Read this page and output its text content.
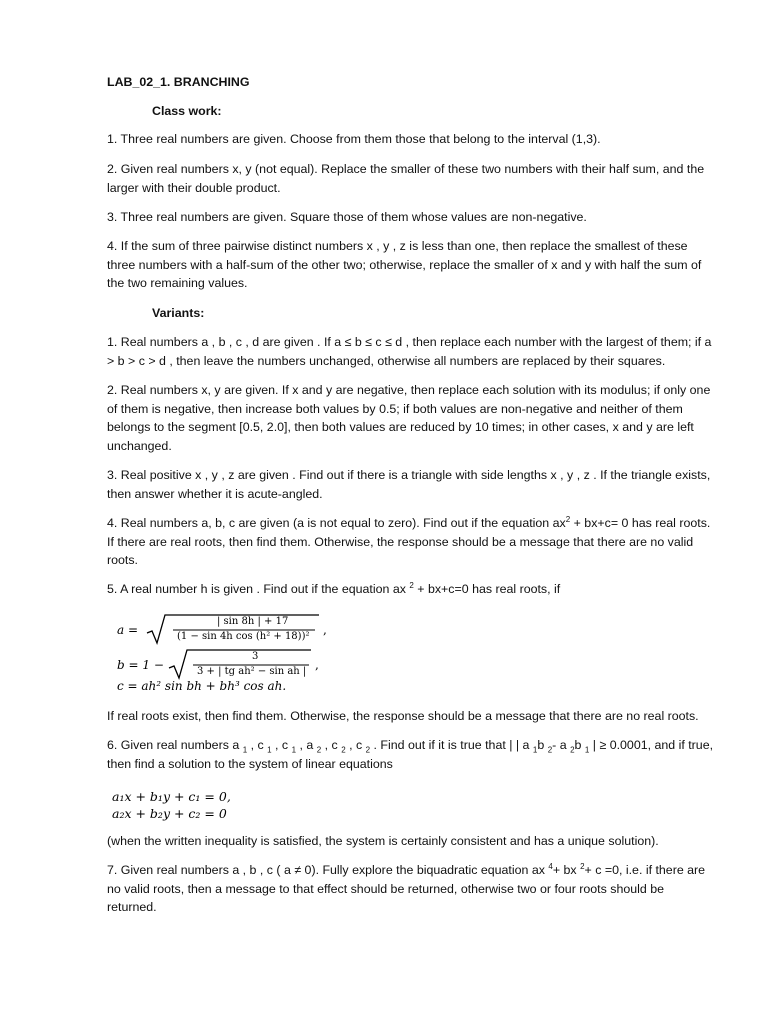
LAB_02_1. BRANCHING

Class work:

1. Three real numbers are given. Choose from them those that belong to the interval (1,3).

2. Given real numbers x, y (not equal). Replace the smaller of these two numbers with their half sum, and the larger with their double product.

3. Three real numbers are given. Square those of them whose values are non-negative.

4. If the sum of three pairwise distinct numbers x , y , z is less than one, then replace the smallest of these three numbers with a half-sum of the other two; otherwise, replace the smaller of x and y with half the sum of the two remaining values.

Variants:

1. Real numbers a , b , c , d are given . If a ≤ b ≤ c ≤ d , then replace each number with the largest of them; if a > b > c > d , then leave the numbers unchanged, otherwise all numbers are replaced by their squares.

2. Real numbers x, y are given. If x and y are negative, then replace each solution with its modulus; if only one of them is negative, then increase both values by 0.5; if both values are non-negative and neither of them belongs to the segment [0.5, 2.0], then both values are reduced by 10 times; in other cases, x and y are left unchanged.

3. Real positive x , y , z are given . Find out if there is a triangle with side lengths x , y , z . If the triangle exists, then answer whether it is acute-angled.

4. Real numbers a, b, c are given (a is not equal to zero). Find out if the equation $ax^2 + bx+c= 0$ has real roots. If there are real roots, then find them. Otherwise, the response should be a message that there are no valid roots.

5. A real number h is given . Find out if the equation ax $^2$ + bx+c=0 has real roots, if

a =
| sin 8h | + 17
(1 − sin 4h cos (h² + 18))² ,
b = 1 −
3
3 + | tg ah² − sin ah | ,
c = ah² sin bh + bh³ cos ah.

If real roots exist, then find them. Otherwise, the response should be a message that there are no real roots.

6. Given real numbers a $_1$ , c $_1$ , c $_1$ , a $_2$ , c $_2$ , c $_2$ . Find out if it is true that | | a $_1$b $_2$- a $_2$b $_1$ | ≥ 0.0001, and if true, then find a solution to the system of linear equations

a₁x + b₁y + c₁ = 0,
a₂x + b₂y + c₂ = 0

(when the written inequality is satisfied, the system is certainly consistent and has a unique solution).

7. Given real numbers a , b , c ( a ≠ 0). Fully explore the biquadratic equation ax $^4$+ bx $^2$+ c =0, i.e. if there are no valid roots, then a message to that effect should be returned, otherwise two or four roots should be returned.
